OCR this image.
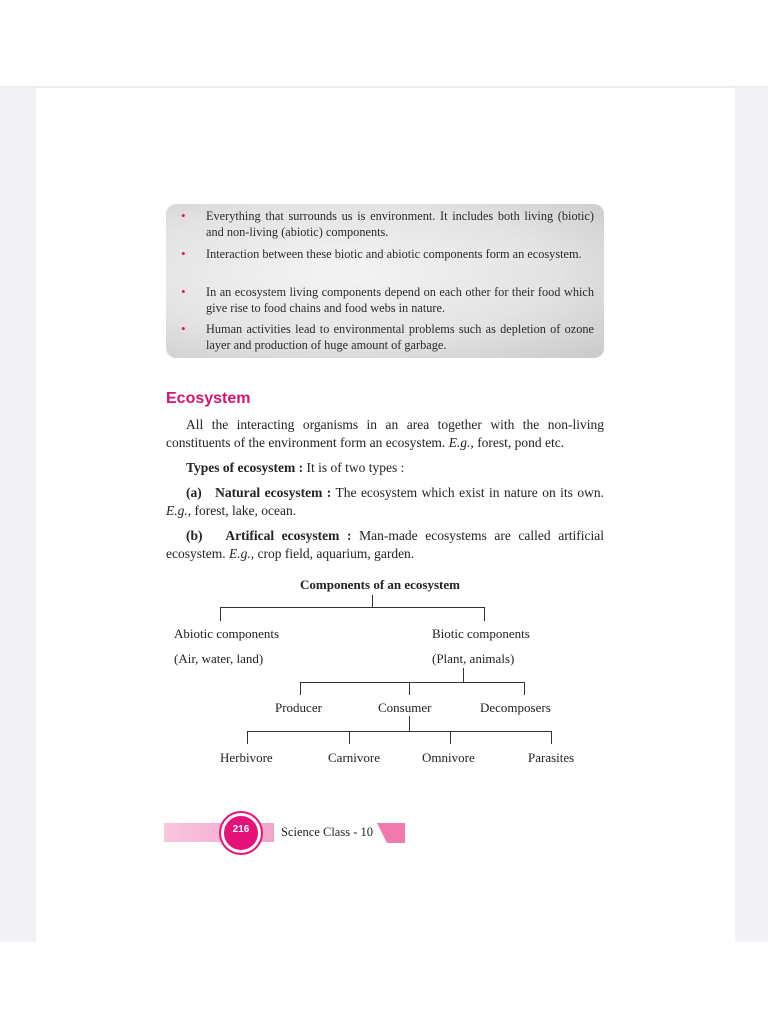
• Everything that surrounds us is environment. It includes both living (biotic) and non-living (abiotic) components.
• Interaction between these biotic and abiotic components form an ecosystem.
• In an ecosystem living components depend on each other for their food which give rise to food chains and food webs in nature.
• Human activities lead to environmental problems such as depletion of ozone layer and production of huge amount of garbage.
Ecosystem
All the interacting organisms in an area together with the non-living constituents of the environment form an ecosystem. E.g., forest, pond etc.
Types of ecosystem : It is of two types :
(a) Natural ecosystem : The ecosystem which exist in nature on its own. E.g., forest, lake, ocean.
(b) Artifical ecosystem : Man-made ecosystems are called artificial ecosystem. E.g., crop field, aquarium, garden.
Components of an ecosystem
Abiotic components
(Air, water, land)
Biotic components
(Plant, animals)
Producer	Consumer	Decomposers
Herbivore	Carnivore	Omnivore	Parasites
216	Science Class - 10
